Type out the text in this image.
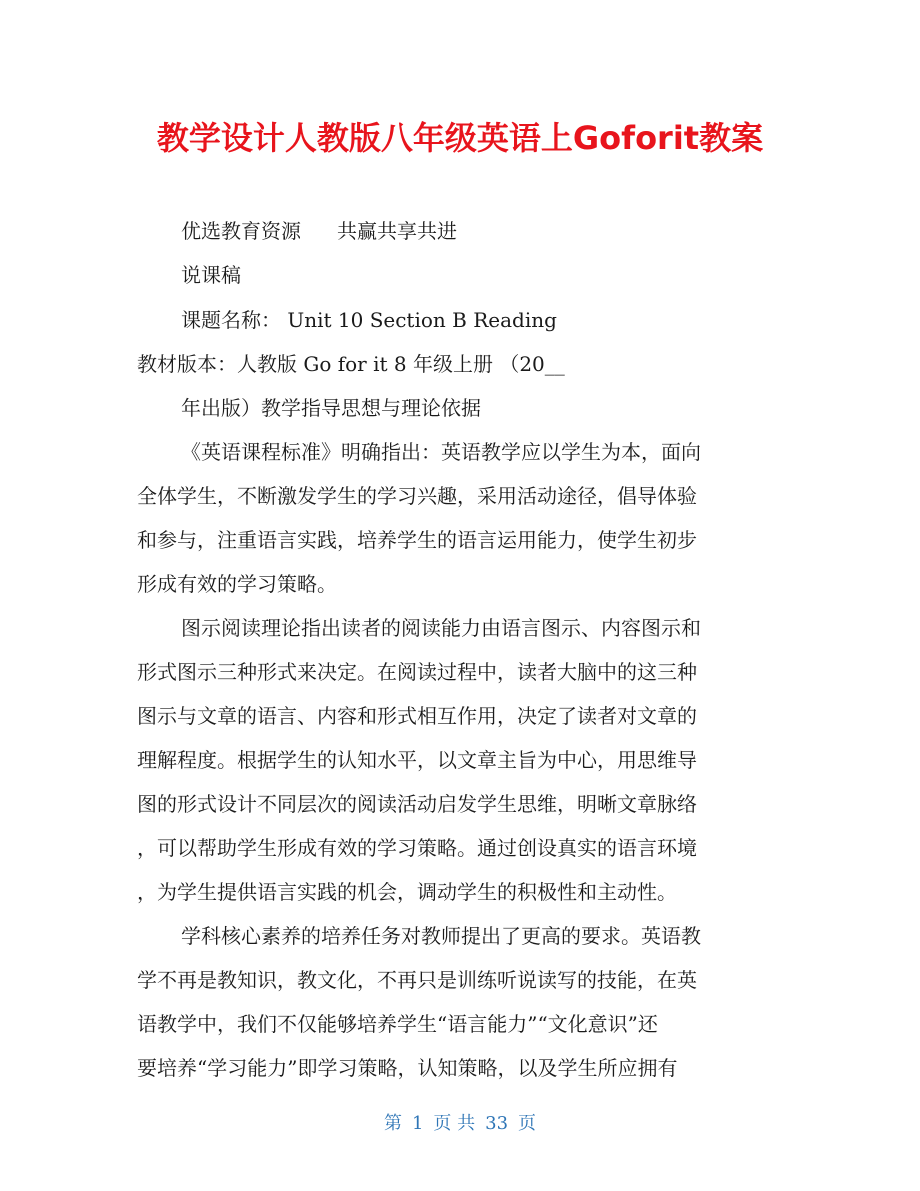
教学设计人教版八年级英语上Goforit教案
优选教育资源 共赢共享共进
说课稿
课题名称： Unit 10 Section B Reading
教材版本：人教版 Go for it 8 年级上册 （20__
年出版）教学指导思想与理论依据
《英语课程标准》明确指出：英语教学应以学生为本，面向
全体学生，不断激发学生的学习兴趣，采用活动途径，倡导体验
和参与，注重语言实践，培养学生的语言运用能力，使学生初步
形成有效的学习策略。
图示阅读理论指出读者的阅读能力由语言图示、内容图示和
形式图示三种形式来决定。在阅读过程中，读者大脑中的这三种
图示与文章的语言、内容和形式相互作用，决定了读者对文章的
理解程度。根据学生的认知水平，以文章主旨为中心，用思维导
图的形式设计不同层次的阅读活动启发学生思维，明晰文章脉络
，可以帮助学生形成有效的学习策略。通过创设真实的语言环境
，为学生提供语言实践的机会，调动学生的积极性和主动性。
学科核心素养的培养任务对教师提出了更高的要求。英语教
学不再是教知识，教文化，不再只是训练听说读写的技能，在英
语教学中，我们不仅能够培养学生“语言能力”“文化意识”还
要培养“学习能力”即学习策略，认知策略，以及学生所应拥有
第 1 页 共 33 页
